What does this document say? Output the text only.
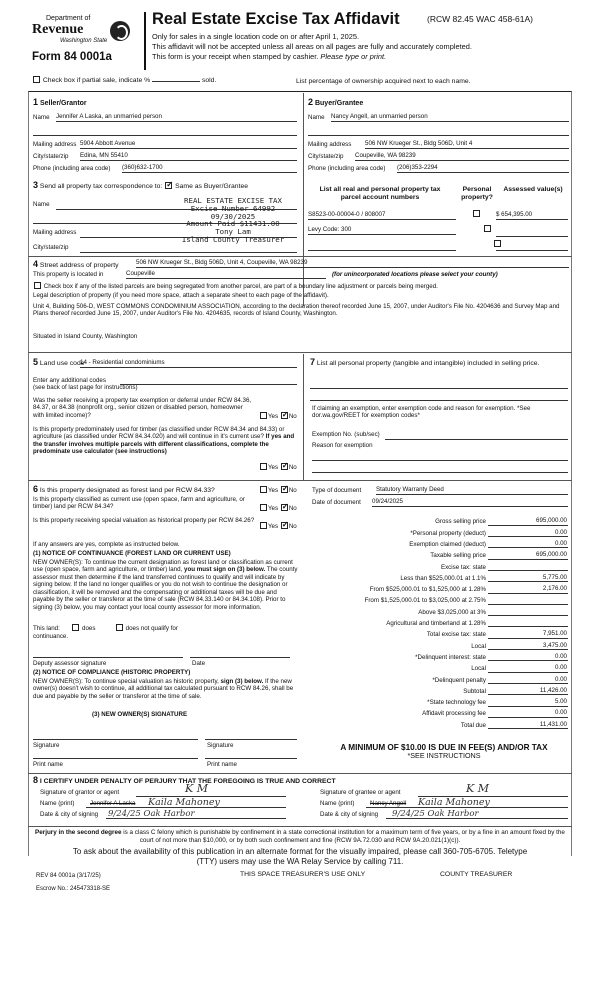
Department of
Revenue
Washington State
Form 84 0001a
Real Estate Excise Tax Affidavit	(RCW 82.45 WAC 458-61A)
Only for sales in a single location code on or after April 1, 2025.
This affidavit will not be accepted unless all areas on all pages are fully and accurately completed.
This form is your receipt when stamped by cashier. Please type or print.
Check box if partial sale, indicate %	sold.	List percentage of ownership acquired next to each name.
1 Seller/Grantor
Name Jennifer A Laska, an unmarried person
Mailing address 5904 Abbott Avenue
City/state/zip Edina, MN 55410
Phone (including area code) (360)632-1700
2 Buyer/Grantee
Name Nancy Angell, an unmarried person
Mailing address 506 NW Krueger St., Bldg 506D, Unit 4
City/state/zip Coupeville, WA 98239
Phone (including area code) (206)353-2294
3 Send all property tax correspondence to: ✓ Same as Buyer/Grantee
Name
Mailing address
City/state/zip
REAL ESTATE EXCISE TAX
Excise Number 64992
09/30/2025
Amount Paid $11431.00
Tony Lam
Island County Treasurer
List all real and personal property tax parcel account numbers
Personal property?
Assessed value(s)
S8523-00-00004-0 / 808007
	$ 654,395.00
Levy Code: 300

4 Street address of property	506 NW Krueger St., Bldg 506D, Unit 4, Coupeville, WA 98239
This property is located in	Coupeville	(for unincorporated locations please select your county)
Check box if any of the listed parcels are being segregated from another parcel, are part of a boundary line adjustment or parcels being merged.
Legal description of property (if you need more space, attach a separate sheet to each page of the affidavit).
Unit 4, Building 506-D, WEST COMMONS CONDOMINIUM ASSOCIATION, according to the declaration thereof recorded June 15, 2007, under Auditor's File No. 4204636 and Survey Map and Plans thereof recorded June 15, 2007, under Auditor's File No. 4204635, records of Island County, Washington.
Situated in Island County, Washington
5 Land use code
14 - Residential condominiums
Enter any additional codes
(see back of last page for instructions)
Was the seller receiving a property tax exemption or deferral under RCW 84.36, 84.37, or 84.38 (nonprofit org., senior citizen or disabled person, homeowner with limited income)?	Yes ✓ No
Is this property predominately used for timber (as classified under RCW 84.34 and 84.33) or agriculture (as classified under RCW 84.34.020) and will continue in it's current use? If yes and the transfer involves multiple parcels with different classifications, complete the predominate use calculator (see instructions)
Yes ✓ No
7 List all personal property (tangible and intangible) included in selling price.
If claiming an exemption, enter exemption code and reason for exemption. *See dor.wa.gov/REET for exemption codes*
Exemption No. (sub/sec)
Reason for exemption
6 Is this property designated as forest land per RCW 84.33?	Yes ✓ No
Is this property classified as current use (open space, farm and agriculture, or timber) land per RCW 84.34?	Yes ✓ No
Is this property receiving special valuation as historical property per RCW 84.26?
Yes ✓ No
If any answers are yes, complete as instructed below.
(1) NOTICE OF CONTINUANCE (FOREST LAND OR CURRENT USE)
NEW OWNER(S): To continue the current designation as forest land or classification as current use (open space, farm and agriculture, or timber) land, you must sign on (3) below. The county assessor must then determine if the land transferred continues to qualify and will indicate by signing below. If the land no longer qualifies or you do not wish to continue the designation or classification, it will be removed and the compensating or additional taxes will be due and payable by the seller or transferor at the time of sale (RCW 84.33.140 or 84.34.108). Prior to signing (3) below, you may contact your local county assessor for more information.
This land:	does	does not qualify for
continuance.
Deputy assessor signature	Date
(2) NOTICE OF COMPLIANCE (HISTORIC PROPERTY)
NEW OWNER(S): To continue special valuation as historic property, sign (3) below. If the new owner(s) doesn't wish to continue, all additional tax calculated pursuant to RCW 84.26, shall be due and payable by the seller or transferor at the time of sale.
(3) NEW OWNER(S) SIGNATURE
Signature	Signature
Print name	Print name
Type of document Statutory Warranty Deed
Date of document 09/24/2025
Gross selling price	695,000.00
*Personal property (deduct)	0.00
Exemption claimed (deduct)	0.00
Taxable selling price	695,000.00
Excise tax: state
Less than $525,000.01 at 1.1%	5,775.00
From $525,000.01 to $1,525,000 at 1.28%	2,176.00
From $1,525,000.01 to $3,025,000 at 2.75%
Above $3,025,000 at 3%
Agricultural and timberland at 1.28%
Total excise tax: state	7,951.00
Local	3,475.00
*Delinquent interest: state	0.00
Local	0.00
*Delinquent penalty	0.00
Subtotal	11,426.00
*State technology fee	5.00
Affidavit processing fee	0.00
Total due	11,431.00
A MINIMUM OF $10.00 IS DUE IN FEE(S) AND/OR TAX
*SEE INSTRUCTIONS
8 I CERTIFY UNDER PENALTY OF PERJURY THAT THE FOREGOING IS TRUE AND CORRECT
Signature of grantor or agent	K M
Name (print)	Jennifer A Laska Kaila Mahoney
Date & city of signing 9/24/25 Oak Harbor
Signature of grantee or agent	K M
Name (print)	Nancy Angell Kaila Mahoney
Date & city of signing 9/24/25 Oak Harbor
Perjury in the second degree is a class C felony which is punishable by confinement in a state correctional institution for a maximum term of five years, or by a fine in an amount fixed by the court of not more than $10,000, or by both such confinement and fine (RCW 9A.72.030 and RCW 9A.20.021(1)(c)).
To ask about the availability of this publication in an alternate format for the visually impaired, please call 360-705-6705. Teletype
(TTY) users may use the WA Relay Service by calling 711.
REV 84 0001a (3/17/25)	THIS SPACE TREASURER'S USE ONLY	COUNTY TREASURER
Escrow No.: 245473318-SE
